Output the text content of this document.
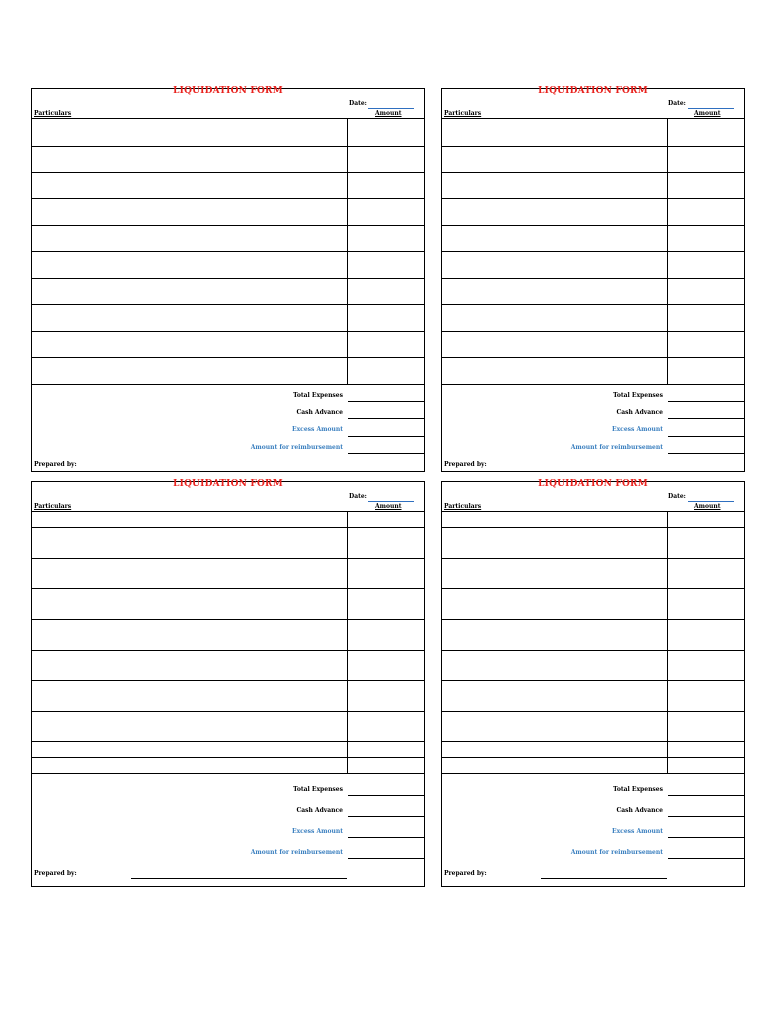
LIQUIDATION FORM
Date:
Particulars	Amount
Total Expenses
Cash Advance
Excess Amount
Amount for reimbursement
Prepared by:
LIQUIDATION FORM
Date:
Particulars	Amount
Total Expenses
Cash Advance
Excess Amount
Amount for reimbursement
Prepared by:
LIQUIDATION FORM
Date:
Particulars	Amount
Total Expenses
Cash Advance
Excess Amount
Amount for reimbursement
Prepared by:
LIQUIDATION FORM
Date:
Particulars	Amount
Total Expenses
Cash Advance
Excess Amount
Amount for reimbursement
Prepared by:
